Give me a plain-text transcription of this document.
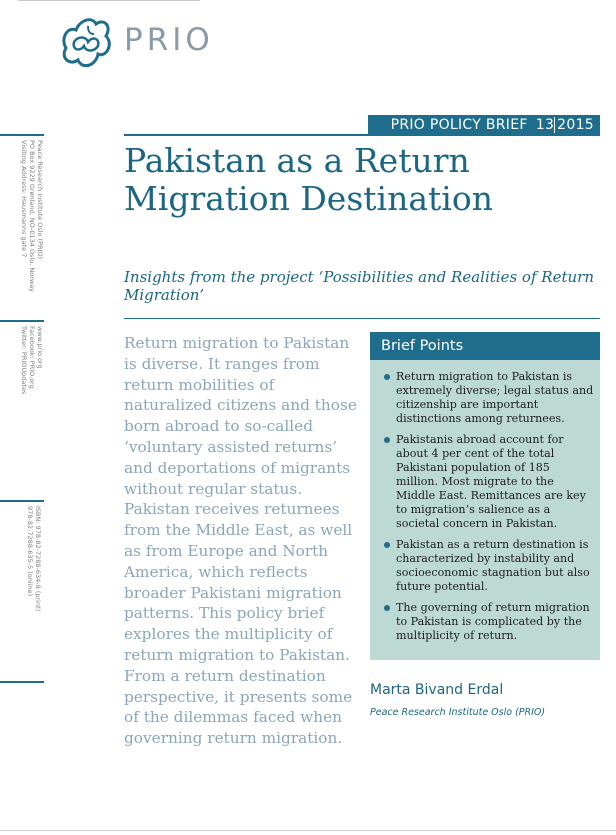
PRIO
Peace Research Institute Oslo (PRIO)
PO Box 9229 Grønland, NO-0134 Oslo, Norway
Visiting Address: Hausmanns gate 7
www.prio.org
Facebook: PRIO.org
Twitter: PRIOUpdates
ISBN: 978-82-7288-634-8 (print)
978-82-7288-635-5 (online)
PRIO POLICY BRIEF 13 2015
Pakistan as a Return Migration Destination
Insights from the project ‘Possibilities and Realities of Return Migration’
Return migration to Pakistan is diverse. It ranges from return mobilities of naturalized citizens and those born abroad to so-called ‘voluntary assisted returns’ and deportations of migrants without regular status. Pakistan receives returnees from the Middle East, as well as from Europe and North America, which reflects broader Pakistani migration patterns. This policy brief explores the multiplicity of return migration to Pakistan. From a return destination perspective, it presents some of the dilemmas faced when governing return migration.
Brief Points
Return migration to Pakistan is extremely diverse; legal status and citizenship are important distinctions among returnees.
Pakistanis abroad account for about 4 per cent of the total Pakistani population of 185 million. Most migrate to the Middle East. Remittances are key to migration’s salience as a societal concern in Pakistan.
Pakistan as a return destination is characterized by instability and socioeconomic stagnation but also future potential.
The governing of return migration to Pakistan is complicated by the multiplicity of return.
Marta Bivand Erdal
Peace Research Institute Oslo (PRIO)
